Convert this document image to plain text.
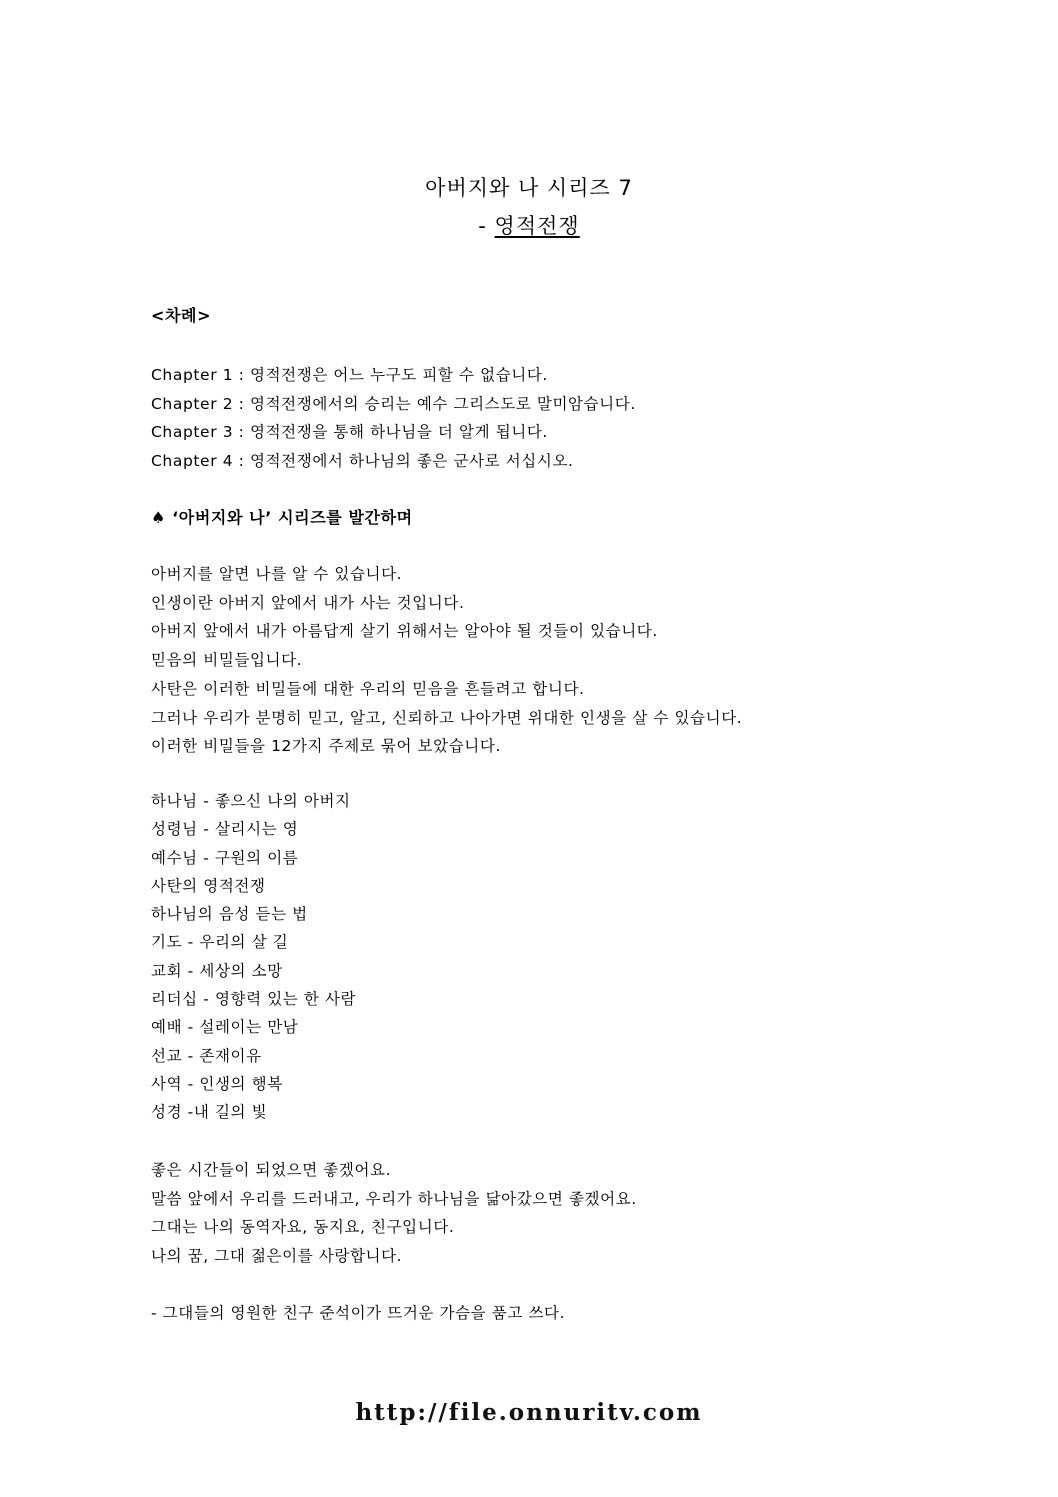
아버지와 나 시리즈 7
- 영적전쟁
<차례>
Chapter 1 : 영적전쟁은 어느 누구도 피할 수 없습니다.
Chapter 2 : 영적전쟁에서의 승리는 예수 그리스도로 말미암습니다.
Chapter 3 : 영적전쟁을 통해 하나님을 더 알게 됩니다.
Chapter 4 : 영적전쟁에서 하나님의 좋은 군사로 서십시오.
♠ ‘아버지와 나’ 시리즈를 발간하며
아버지를 알면 나를 알 수 있습니다.
인생이란 아버지 앞에서 내가 사는 것입니다.
아버지 앞에서 내가 아름답게 살기 위해서는 알아야 될 것들이 있습니다.
믿음의 비밀들입니다.
사탄은 이러한 비밀들에 대한 우리의 믿음을 흔들려고 합니다.
그러나 우리가 분명히 믿고, 알고, 신뢰하고 나아가면 위대한 인생을 살 수 있습니다.
이러한 비밀들을 12가지 주제로 묶어 보았습니다.
하나님 - 좋으신 나의 아버지
성령님 - 살리시는 영
예수님 - 구원의 이름
사탄의 영적전쟁
하나님의 음성 듣는 법
기도 - 우리의 살 길
교회 - 세상의 소망
리더십 - 영향력 있는 한 사람
예배 - 설레이는 만남
선교 - 존재이유
사역 - 인생의 행복
성경 -내 길의 빛
좋은 시간들이 되었으면 좋겠어요.
말씀 앞에서 우리를 드러내고, 우리가 하나님을 닮아갔으면 좋겠어요.
그대는 나의 동역자요, 동지요, 친구입니다.
나의 꿈, 그대 젊은이를 사랑합니다.
- 그대들의 영원한 친구 준석이가 뜨거운 가슴을 품고 쓰다.
http://file.onnuritv.com
